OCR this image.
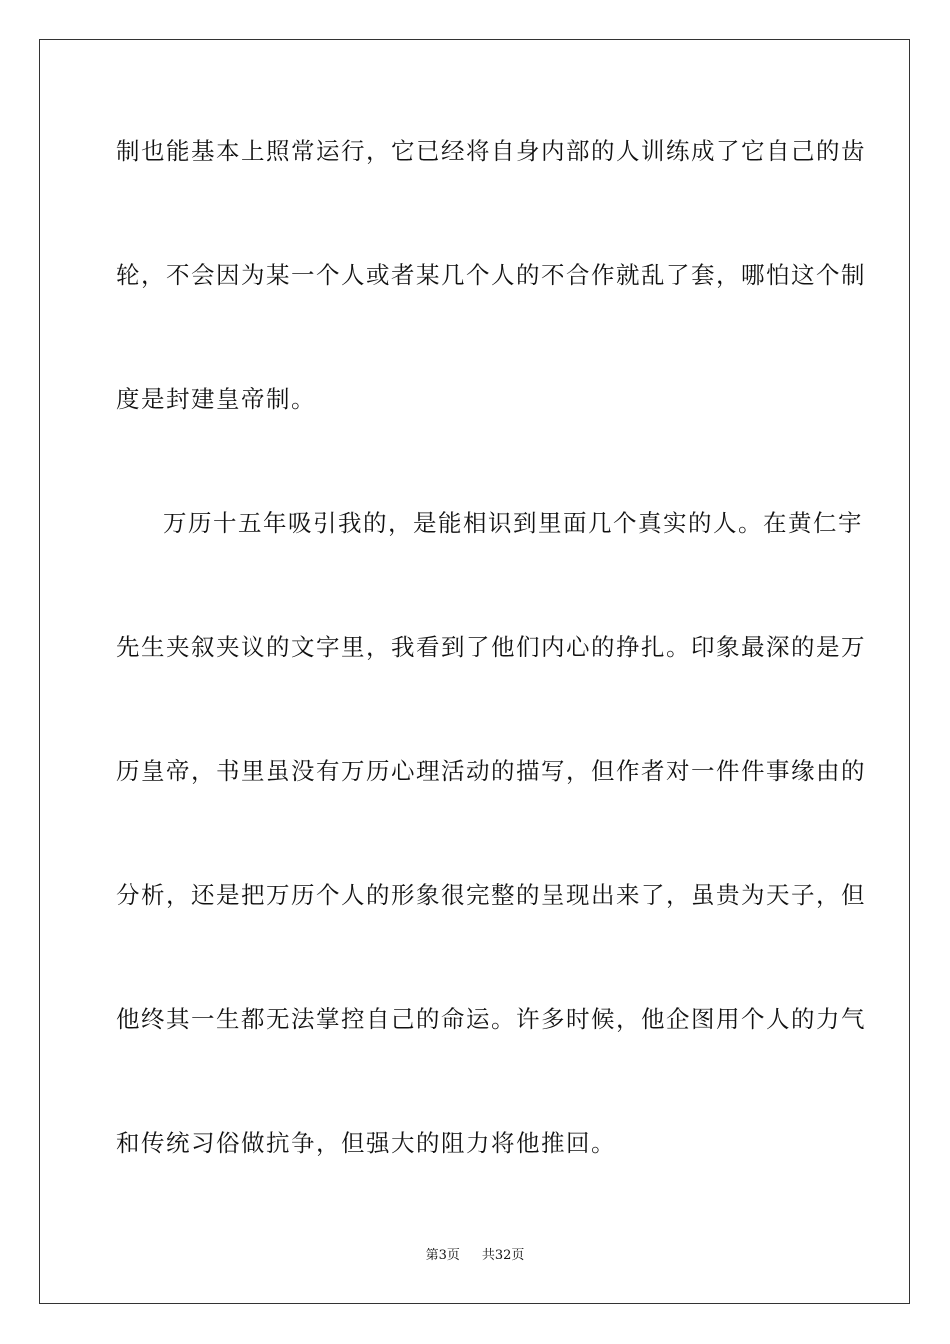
制也能基本上照常运行，它已经将自身内部的人训练成了它自己的齿
轮，不会因为某一个人或者某几个人的不合作就乱了套，哪怕这个制
度是封建皇帝制。
万历十五年吸引我的，是能相识到里面几个真实的人。在黄仁宇
先生夹叙夹议的文字里，我看到了他们内心的挣扎。印象最深的是万
历皇帝，书里虽没有万历心理活动的描写，但作者对一件件事缘由的
分析，还是把万历个人的形象很完整的呈现出来了，虽贵为天子，但
他终其一生都无法掌控自己的命运。许多时候，他企图用个人的力气
和传统习俗做抗争，但强大的阻力将他推回。
第3页 共32页
